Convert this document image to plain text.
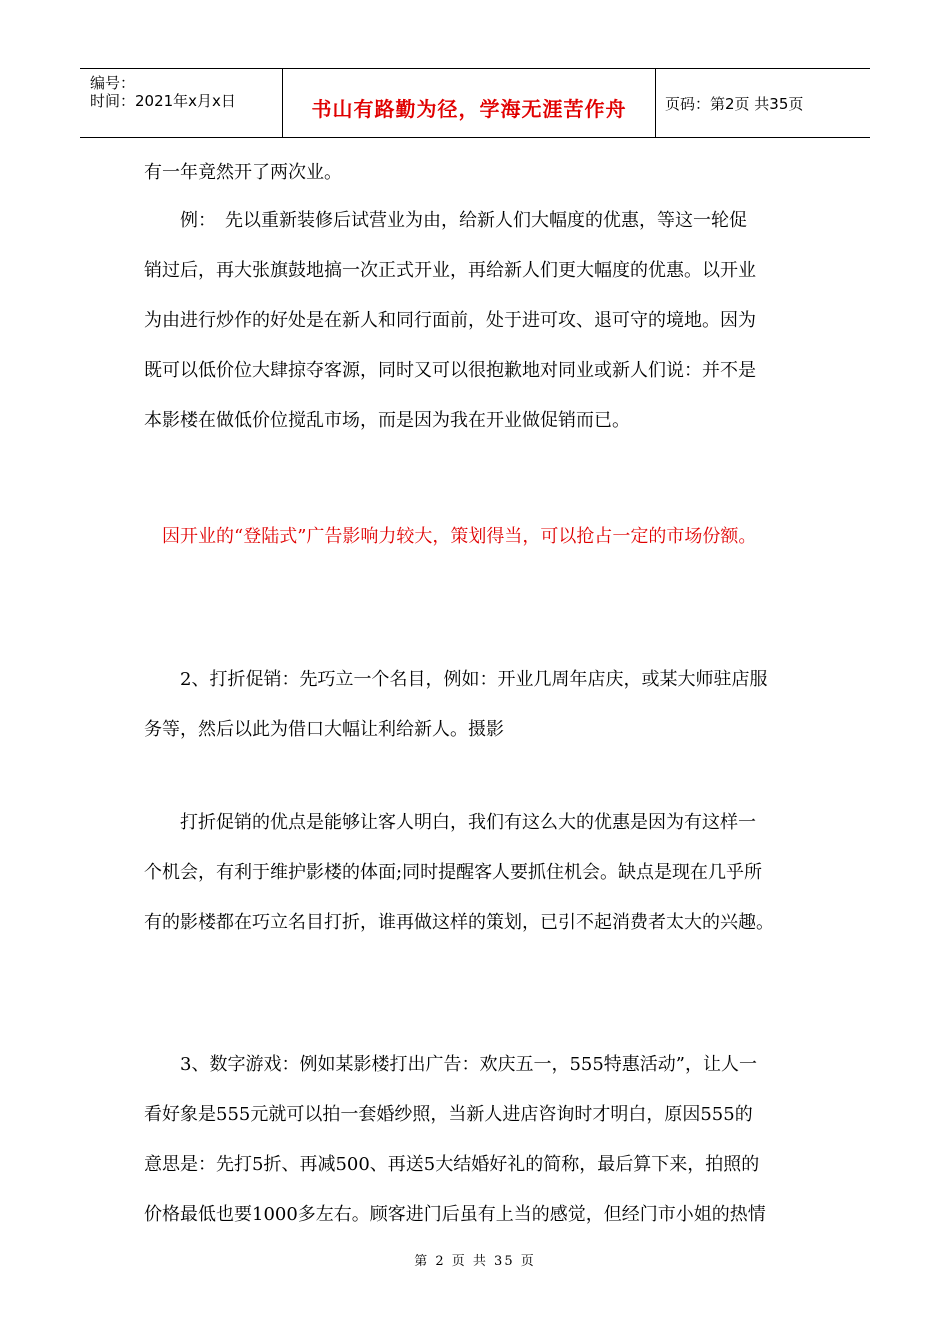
编号：
时间：2021年x月x日	书山有路勤为径，学海无涯苦作舟	页码：第2页 共35页
有一年竟然开了两次业。
　　例：　先以重新装修后试营业为由，给新人们大幅度的优惠，等这一轮促
销过后，再大张旗鼓地搞一次正式开业，再给新人们更大幅度的优惠。以开业
为由进行炒作的好处是在新人和同行面前，处于进可攻、退可守的境地。因为
既可以低价位大肆掠夺客源，同时又可以很抱歉地对同业或新人们说：并不是
本影楼在做低价位搅乱市场，而是因为我在开业做促销而已。
　因开业的“登陆式”广告影响力较大，策划得当，可以抢占一定的市场份额。
　　2、打折促销：先巧立一个名目，例如：开业几周年店庆，或某大师驻店服
务等，然后以此为借口大幅让利给新人。摄影
　　打折促销的优点是能够让客人明白，我们有这么大的优惠是因为有这样一
个机会，有利于维护影楼的体面;同时提醒客人要抓住机会。缺点是现在几乎所
有的影楼都在巧立名目打折，谁再做这样的策划，已引不起消费者太大的兴趣。
　　3、数字游戏：例如某影楼打出广告：欢庆五一，555特惠活动”，让人一
看好象是555元就可以拍一套婚纱照，当新人进店咨询时才明白，原因555的
意思是：先打5折、再减500、再送5大结婚好礼的简称，最后算下来，拍照的
价格最低也要1000多左右。顾客进门后虽有上当的感觉，但经门市小姐的热情
第 2 页 共 35 页
